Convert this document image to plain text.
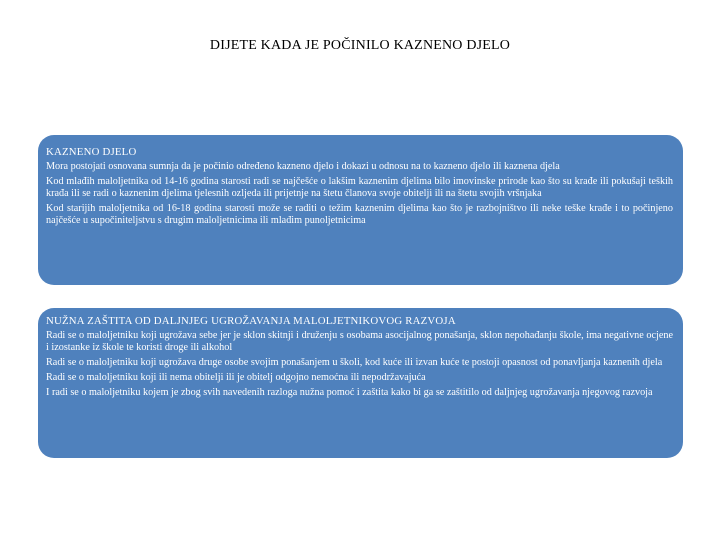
DIJETE KADA JE POČINILO KAZNENO DJELO
KAZNENO DJELO

Mora postojati osnovana sumnja da je počinio određeno kazneno djelo i dokazi u odnosu na to kazneno djelo ili kaznena djela

Kod mlađih maloljetnika od 14-16 godina starosti radi se najčešće o lakšim kaznenim djelima bilo imovinske prirode kao što su krađe ili pokušaji teških krađa ili se radi o kaznenim djelima tjelesnih ozljeda ili prijetnje na štetu članova svoje obitelji ili na štetu svojih vršnjaka

Kod starijih maloljetnika od 16-18 godina starosti može se raditi o težim kaznenim djelima kao što je razbojništvo ili neke teške krađe i to počinjeno najčešće u supočiniteljstvu s drugim maloljetnicima ili mlađim punoljetnicima

NUŽNA ZAŠTITA OD DALJNJEG UGROŽAVANJA MALOLJETNIKOVOG RAZVOJA

Radi se o maloljetniku koji ugrožava sebe jer je sklon skitnji i druženju s osobama asocijalnog ponašanja, sklon nepohađanju škole, ima negativne ocjene i izostanke iz škole te koristi droge ili alkohol

Radi se o maloljetniku koji ugrožava druge osobe svojim ponašanjem u školi, kod kuće ili izvan kuće te postoji opasnost od ponavljanja kaznenih djela

Radi se o maloljetniku koji ili nema obitelji ili je obitelj odgojno nemoćna ili nepodržavajuća

I radi se o maloljetniku kojem je zbog svih navedenih razloga nužna pomoć i zaštita kako bi ga se zaštitilo od daljnjeg ugrožavanja njegovog razvoja
